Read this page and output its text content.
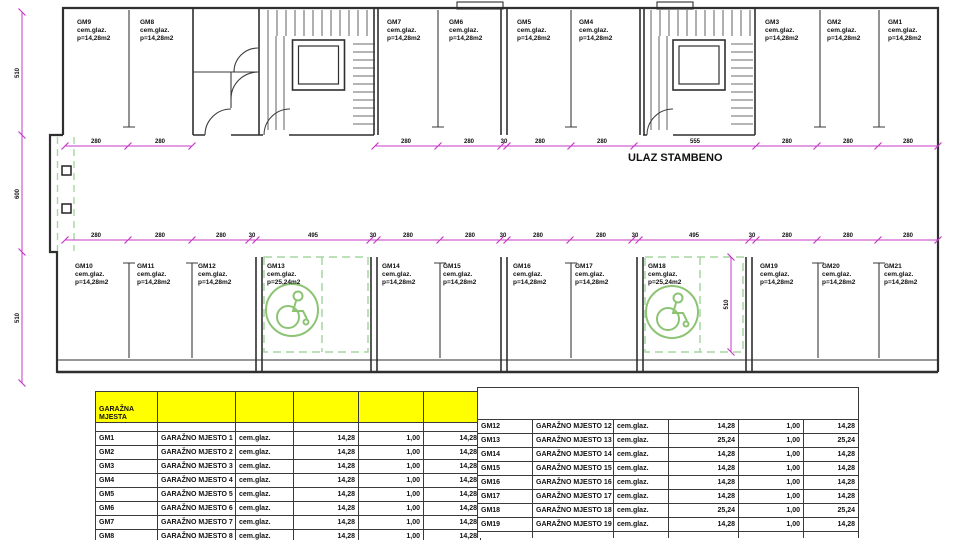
ULAZ STAMBENO
GM9
cem.glaz.
p=14,28m2
GM8
cem.glaz.
p=14,28m2
GM7
cem.glaz.
p=14,28m2
GM6
cem.glaz.
p=14,28m2
GM5
cem.glaz.
p=14,28m2
GM4
cem.glaz.
p=14,28m2
GM3
cem.glaz.
p=14,28m2
GM2
cem.glaz.
p=14,28m2
GM1
cem.glaz.
p=14,28m2
GM10
cem.glaz.
p=14,28m2
GM11
cem.glaz.
p=14,28m2
GM12
cem.glaz.
p=14,28m2
GM13
cem.glaz.
p=25,24m2
GM14
cem.glaz.
p=14,28m2
GM15
cem.glaz.
p=14,28m2
GM16
cem.glaz.
p=14,28m2
GM17
cem.glaz.
p=14,28m2
GM18
cem.glaz.
p=25,24m2
GM19
cem.glaz.
p=14,28m2
GM20
cem.glaz.
p=14,28m2
GM21
cem.glaz.
p=14,28m2
280	280	280	280	30	280	280	555	280	280	280
280	280	280	30	495	30	280	280	30	280	280	30	495	30	280	280	280
510
600
510
510
GARAŽNA MJESTA					

GM1	GARAŽNO MJESTO 1	cem.glaz.	14,28	1,00	14,28
GM2	GARAŽNO MJESTO 2	cem.glaz.	14,28	1,00	14,28
GM3	GARAŽNO MJESTO 3	cem.glaz.	14,28	1,00	14,28
GM4	GARAŽNO MJESTO 4	cem.glaz.	14,28	1,00	14,28
GM5	GARAŽNO MJESTO 5	cem.glaz.	14,28	1,00	14,28
GM6	GARAŽNO MJESTO 6	cem.glaz.	14,28	1,00	14,28
GM7	GARAŽNO MJESTO 7	cem.glaz.	14,28	1,00	14,28
GM8	GARAŽNO MJESTO 8	cem.glaz.	14,28	1,00	14,28

GM12	GARAŽNO MJESTO 12	cem.glaz.	14,28	1,00	14,28
GM13	GARAŽNO MJESTO 13	cem.glaz.	25,24	1,00	25,24
GM14	GARAŽNO MJESTO 14	cem.glaz.	14,28	1,00	14,28
GM15	GARAŽNO MJESTO 15	cem.glaz.	14,28	1,00	14,28
GM16	GARAŽNO MJESTO 16	cem.glaz.	14,28	1,00	14,28
GM17	GARAŽNO MJESTO 17	cem.glaz.	14,28	1,00	14,28
GM18	GARAŽNO MJESTO 18	cem.glaz.	25,24	1,00	25,24
GM19	GARAŽNO MJESTO 19	cem.glaz.	14,28	1,00	14,28
